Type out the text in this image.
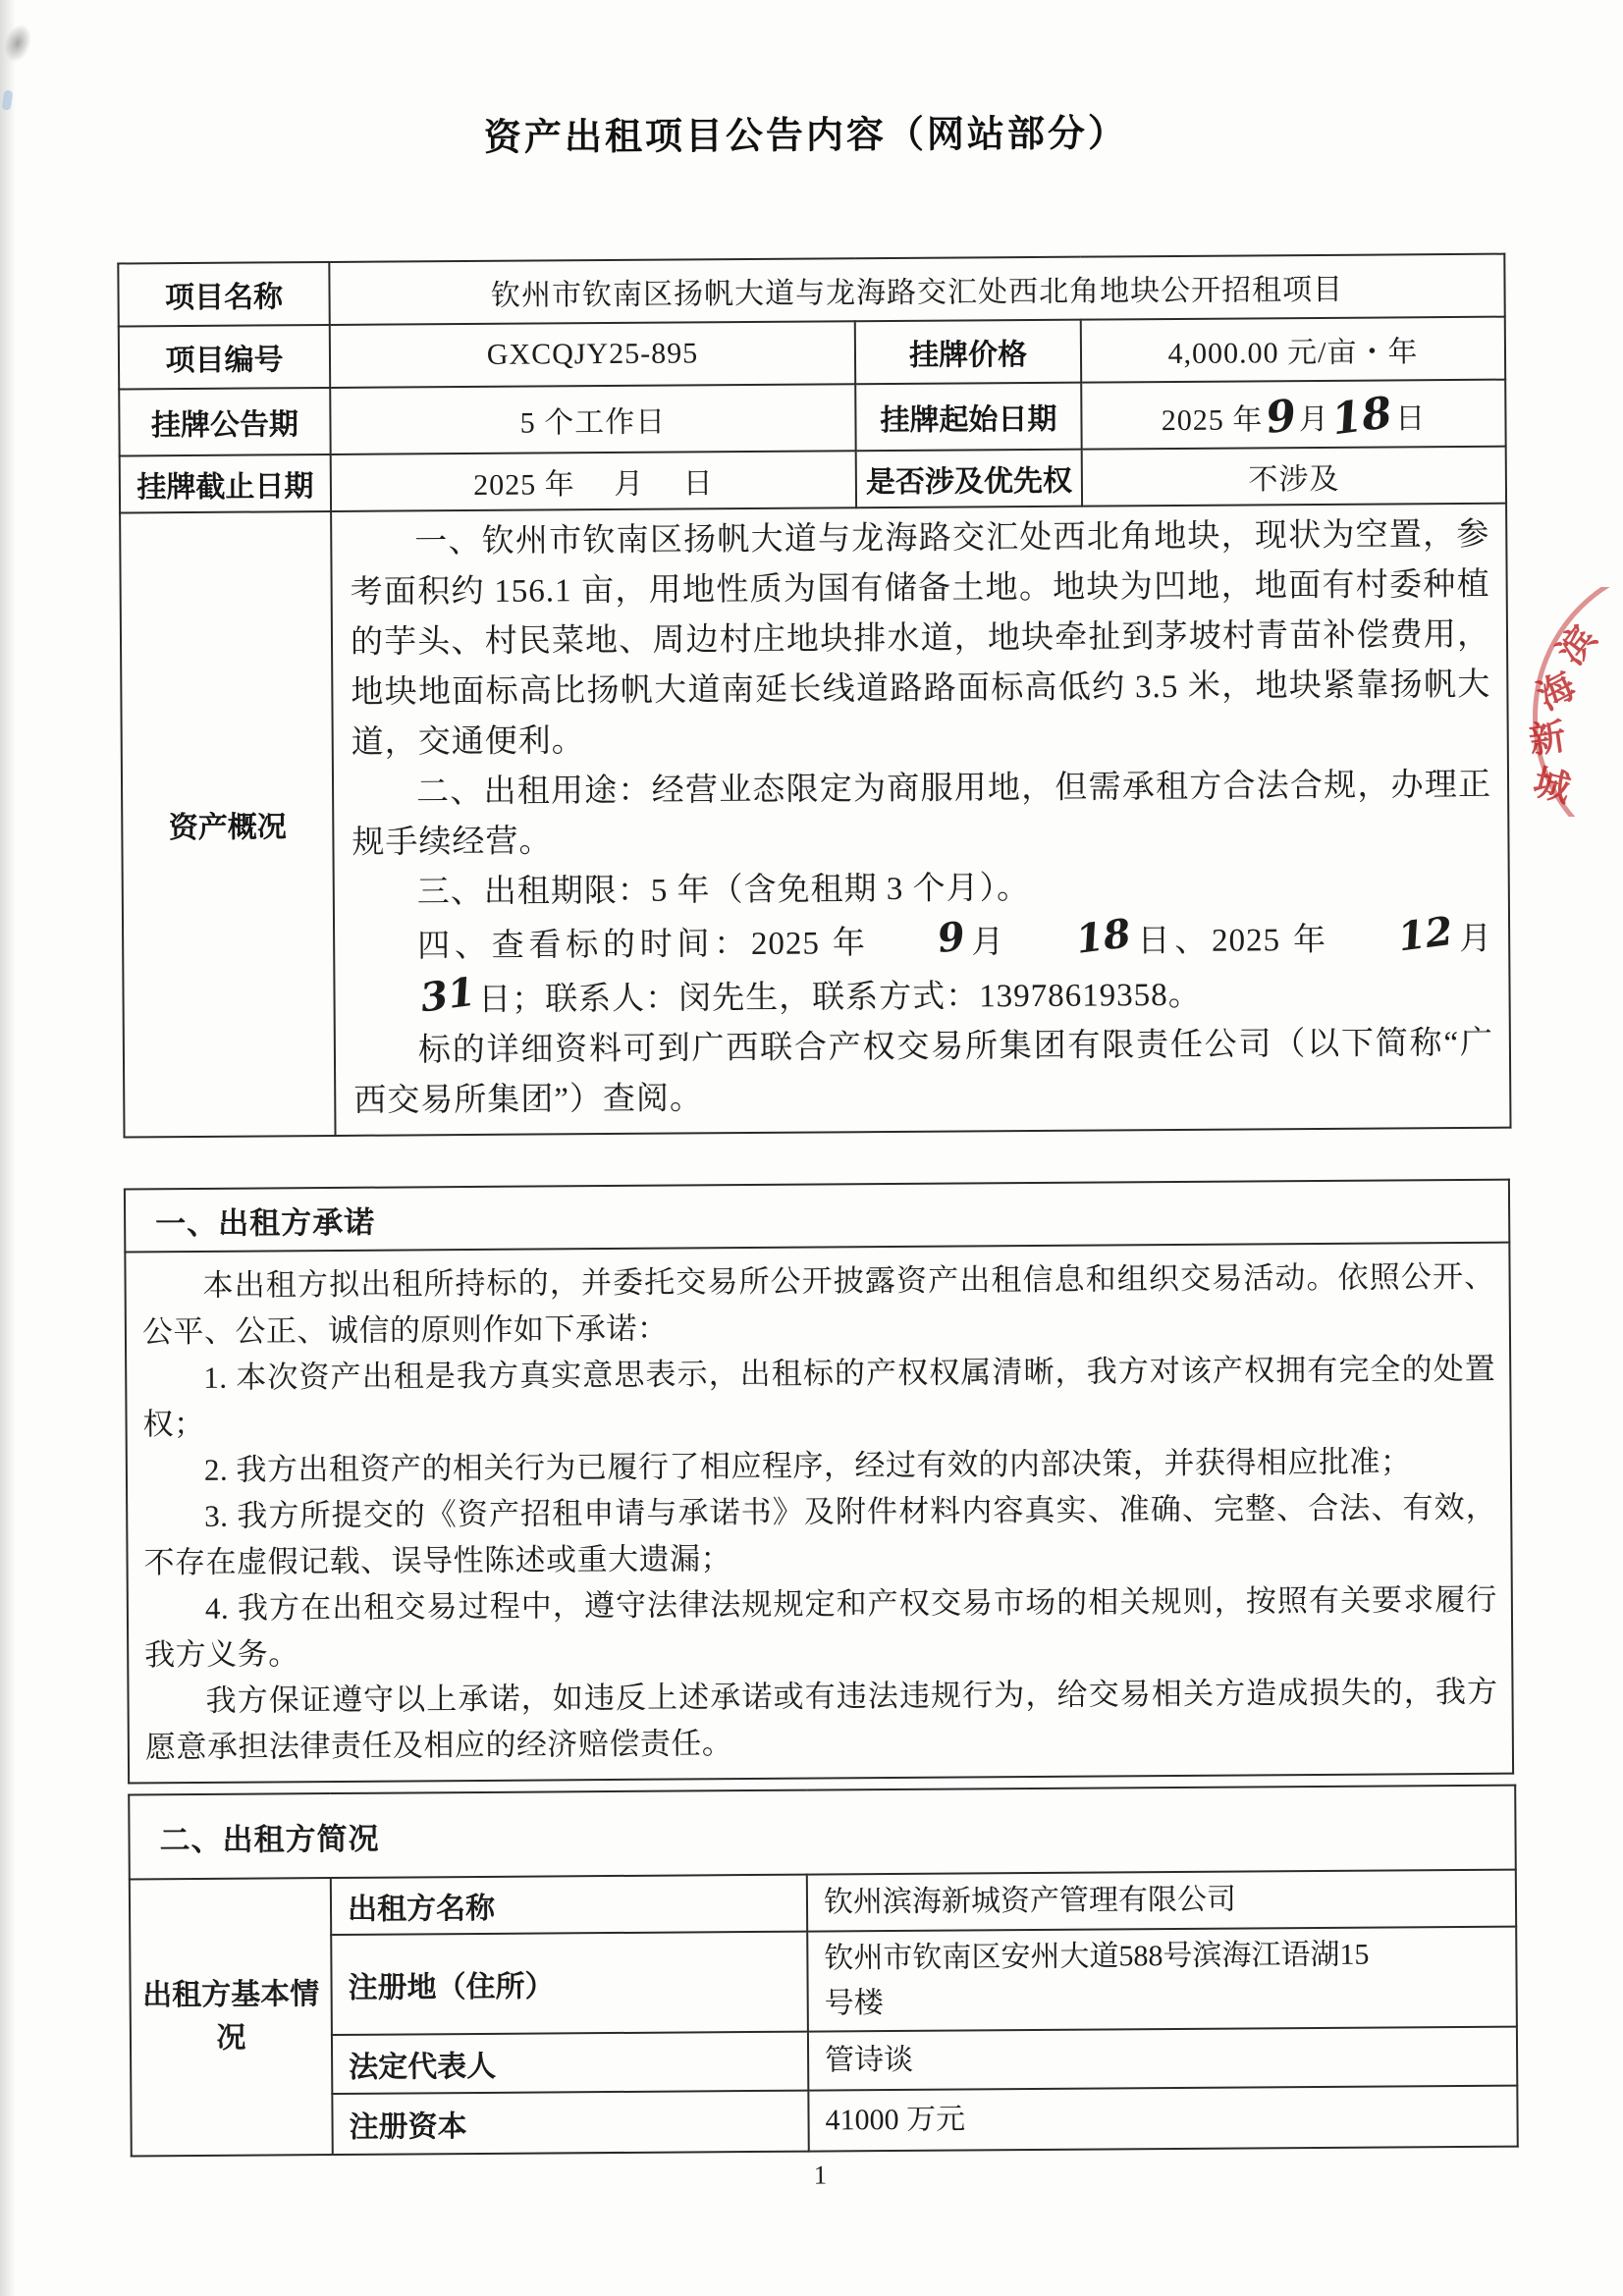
资产出租项目公告内容（网站部分）
项目名称	钦州市钦南区扬帆大道与龙海路交汇处西北角地块公开招租项目		
项目编号	GXCQJY25-895	挂牌价格	4,000.00 元/亩・年
挂牌公告期	5 个工作日	挂牌起始日期	2025 年9月18日
挂牌截止日期	2025 年　 月　 日	是否涉及优先权	不涉及
资产概况	一、钦州市钦南区扬帆大道与龙海路交汇处西北角地块，现状为空置，参考面积约 156.1 亩，用地性质为国有储备土地。地块为凹地，地面有村委种植的芋头、村民菜地、周边村庄地块排水道，地块牵扯到茅坡村青苗补偿费用，地块地面标高比扬帆大道南延长线道路路面标高低约 3.5 米，地块紧靠扬帆大道，交通便利。

二、出租用途：经营业态限定为商服用地，但需承租方合法合规，办理正规手续经营。

三、出租期限：5 年（含免租期 3 个月）。

四、查看标的时间：2025 年 9月 18日、2025 年 12月31日；联系人：闵先生，联系方式：13978619358。

标的详细资料可到广西联合产权交易所集团有限责任公司（以下简称“广西交易所集团”）查阅。		

一、出租方承诺

本出租方拟出租所持标的，并委托交易所公开披露资产出租信息和组织交易活动。依照公开、公平、公正、诚信的原则作如下承诺：

1. 本次资产出租是我方真实意思表示，出租标的产权权属清晰，我方对该产权拥有完全的处置权；

2. 我方出租资产的相关行为已履行了相应程序，经过有效的内部决策，并获得相应批准；

3. 我方所提交的《资产招租申请与承诺书》及附件材料内容真实、准确、完整、合法、有效，不存在虚假记载、误导性陈述或重大遗漏；

4. 我方在出租交易过程中，遵守法律法规规定和产权交易市场的相关规则，按照有关要求履行我方义务。

我方保证遵守以上承诺，如违反上述承诺或有违法违规行为，给交易相关方造成损失的，我方愿意承担法律责任及相应的经济赔偿责任。

二、出租方简况		
出租方基本情况	出租方名称	钦州滨海新城资产管理有限公司
	注册地（住所）	钦州市钦南区安州大道588号滨海江语湖15号楼
	法定代表人	管诗谈
	注册资本	41000 万元
1
滨
海
新
城
